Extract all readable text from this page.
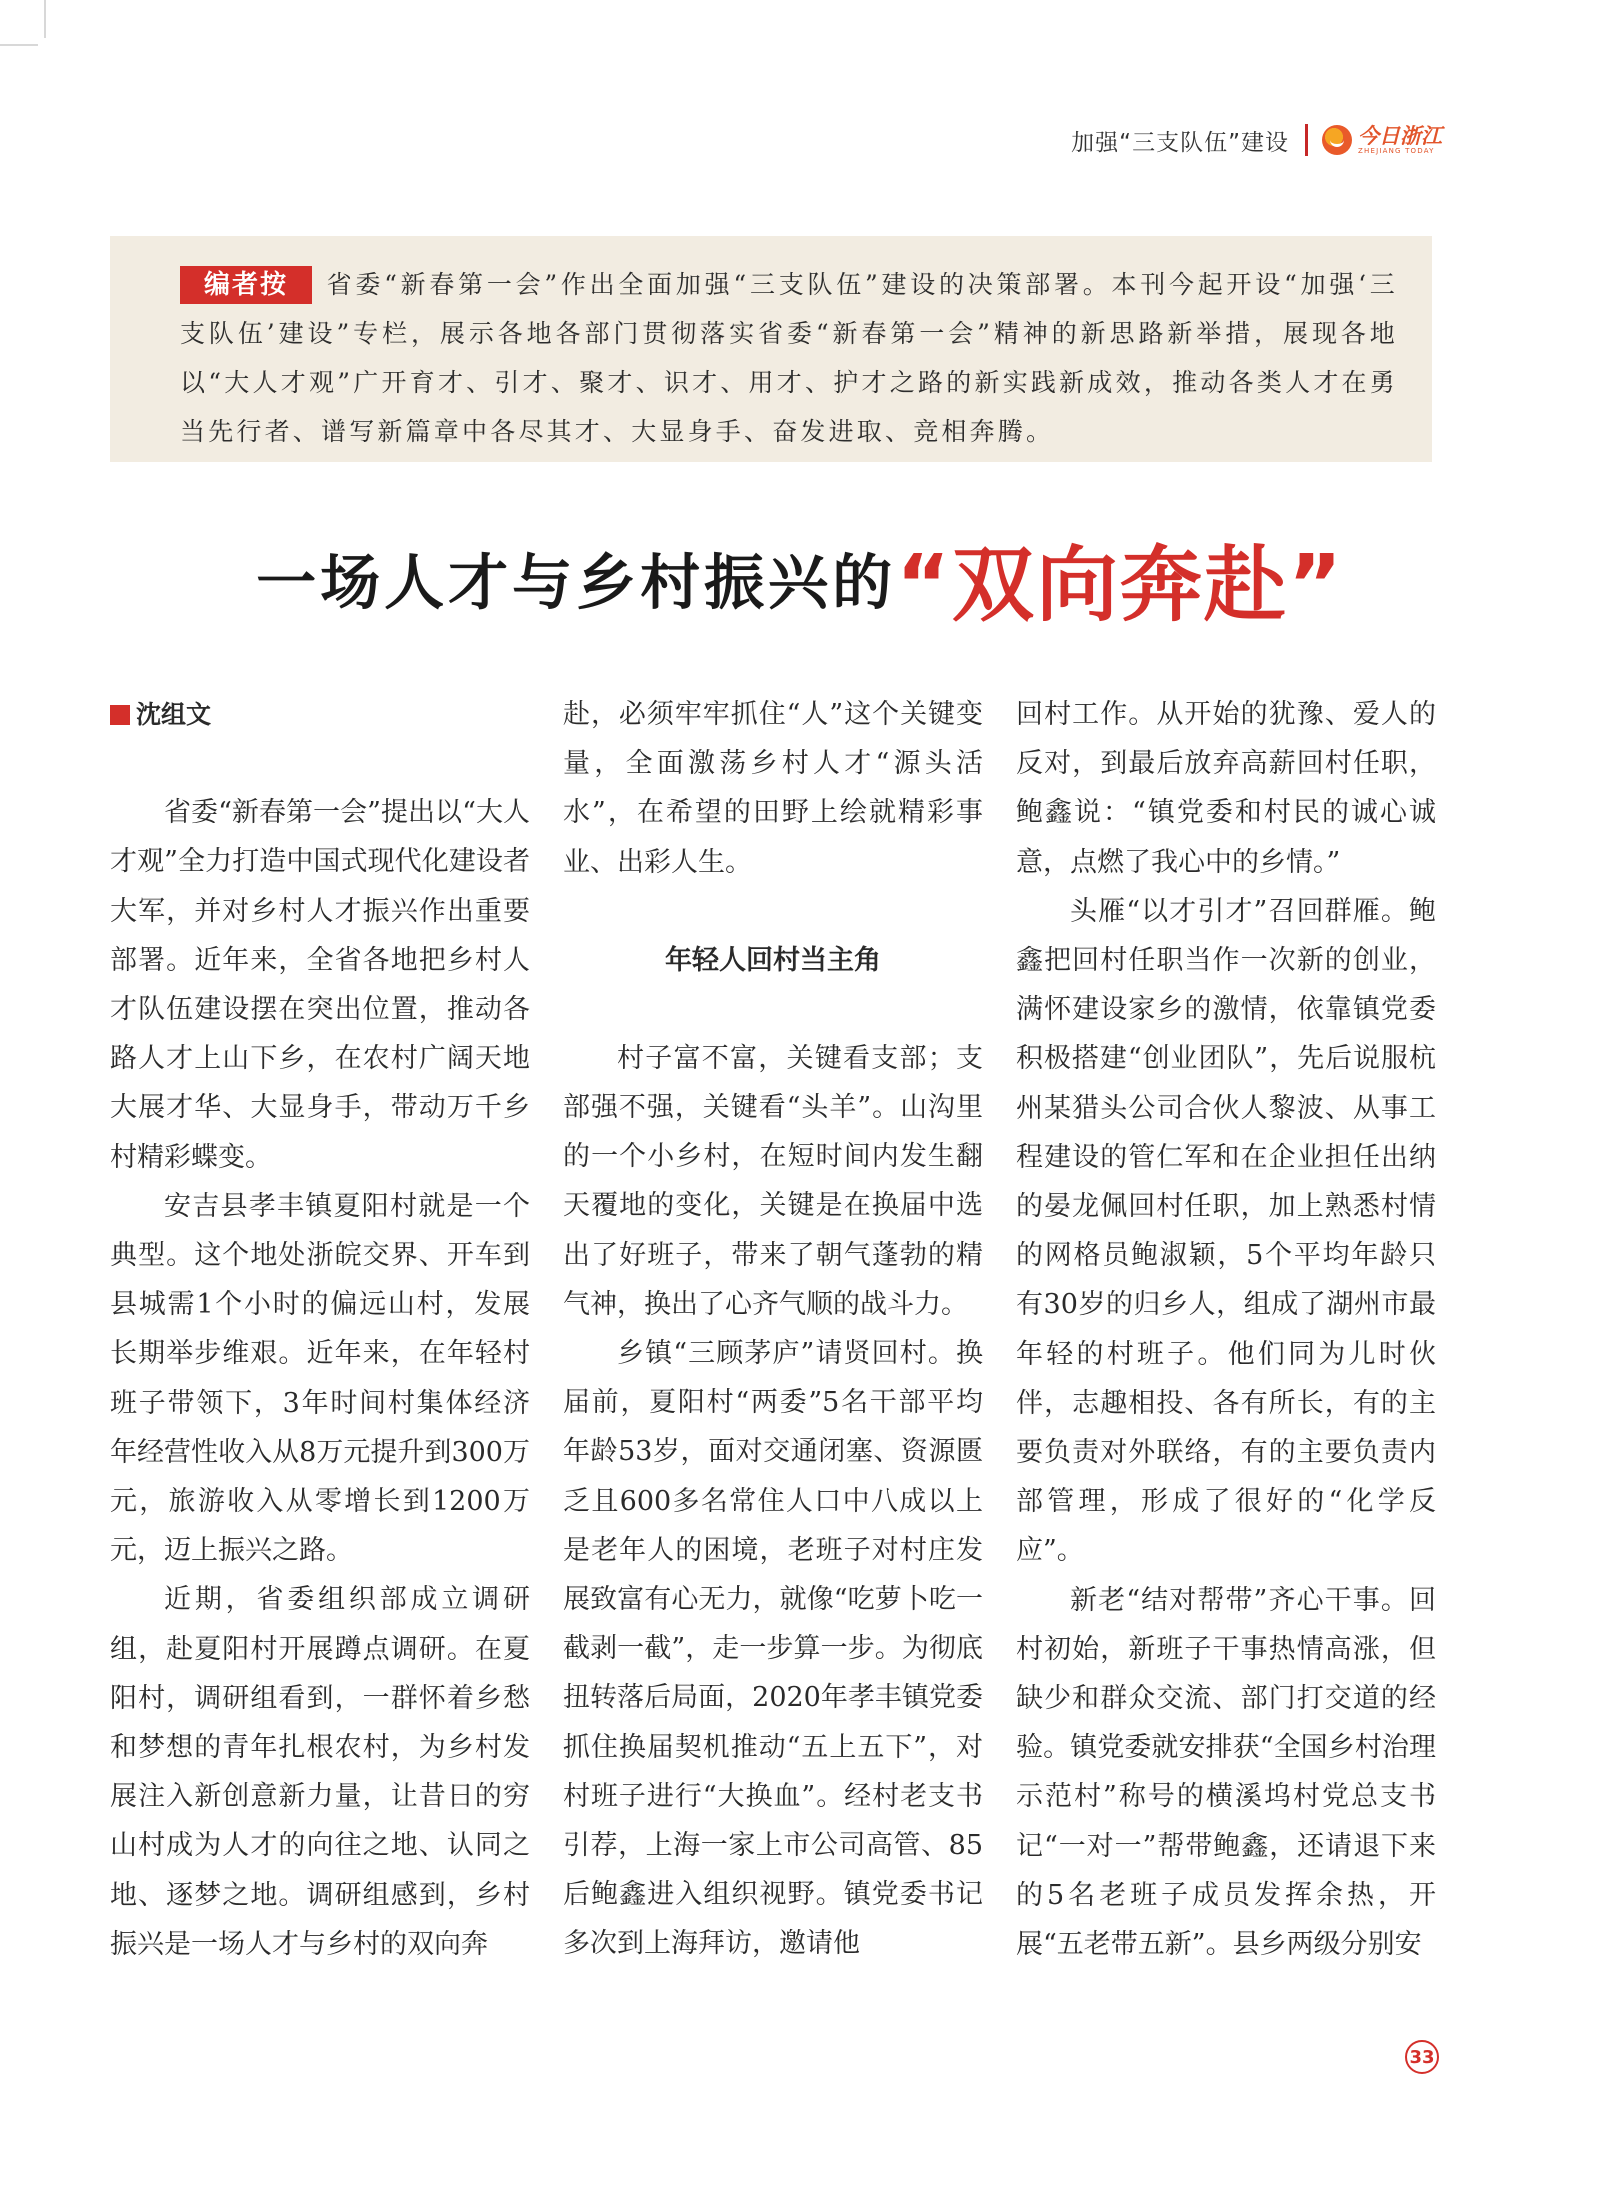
加强“三支队伍”建设	今日浙江
ZHEJIANG TODAY
编者按 省委“新春第一会”作出全面加强“三支队伍”建设的决策部署。本刊今起开设“加强‘三支队伍’建设”专栏，展示各地各部门贯彻落实省委“新春第一会”精神的新思路新举措，展现各地以“大人才观”广开育才、引才、聚才、识才、用才、护才之路的新实践新成效，推动各类人才在勇当先行者、谱写新篇章中各尽其才、大显身手、奋发进取、竞相奔腾。
一场人才与乡村振兴的“双向奔赴”
沈组文

省委“新春第一会”提出以“大人才观”全力打造中国式现代化建设者大军，并对乡村人才振兴作出重要部署。近年来，全省各地把乡村人才队伍建设摆在突出位置，推动各路人才上山下乡，在农村广阔天地大展才华、大显身手，带动万千乡村精彩蝶变。

安吉县孝丰镇夏阳村就是一个典型。这个地处浙皖交界、开车到县城需1个小时的偏远山村，发展长期举步维艰。近年来，在年轻村班子带领下，3年时间村集体经济年经营性收入从8万元提升到300万元，旅游收入从零增长到1200万元，迈上振兴之路。

近期，省委组织部成立调研组，赴夏阳村开展蹲点调研。在夏阳村，调研组看到，一群怀着乡愁和梦想的青年扎根农村，为乡村发展注入新创意新力量，让昔日的穷山村成为人才的向往之地、认同之地、逐梦之地。调研组感到，乡村振兴是一场人才与乡村的双向奔

赴，必须牢牢抓住“人”这个关键变量，全面激荡乡村人才“源头活水”，在希望的田野上绘就精彩事业、出彩人生。

年轻人回村当主角

村子富不富，关键看支部；支部强不强，关键看“头羊”。山沟里的一个小乡村，在短时间内发生翻天覆地的变化，关键是在换届中选出了好班子，带来了朝气蓬勃的精气神，换出了心齐气顺的战斗力。

乡镇“三顾茅庐”请贤回村。换届前，夏阳村“两委”5名干部平均年龄53岁，面对交通闭塞、资源匮乏且600多名常住人口中八成以上是老年人的困境，老班子对村庄发展致富有心无力，就像“吃萝卜吃一截剥一截”，走一步算一步。为彻底扭转落后局面，2020年孝丰镇党委抓住换届契机推动“五上五下”，对村班子进行“大换血”。经村老支书引荐，上海一家上市公司高管、85后鲍鑫进入组织视野。镇党委书记多次到上海拜访，邀请他

回村工作。从开始的犹豫、爱人的反对，到最后放弃高薪回村任职，鲍鑫说：“镇党委和村民的诚心诚意，点燃了我心中的乡情。”

头雁“以才引才”召回群雁。鲍鑫把回村任职当作一次新的创业，满怀建设家乡的激情，依靠镇党委积极搭建“创业团队”，先后说服杭州某猎头公司合伙人黎波、从事工程建设的管仁军和在企业担任出纳的晏龙佩回村任职，加上熟悉村情的网格员鲍淑颖，5个平均年龄只有30岁的归乡人，组成了湖州市最年轻的村班子。他们同为儿时伙伴，志趣相投、各有所长，有的主要负责对外联络，有的主要负责内部管理，形成了很好的“化学反应”。

新老“结对帮带”齐心干事。回村初始，新班子干事热情高涨，但缺少和群众交流、部门打交道的经验。镇党委就安排获“全国乡村治理示范村”称号的横溪坞村党总支书记“一对一”帮带鲍鑫，还请退下来的5名老班子成员发挥余热，开展“五老带五新”。县乡两级分别安

33
